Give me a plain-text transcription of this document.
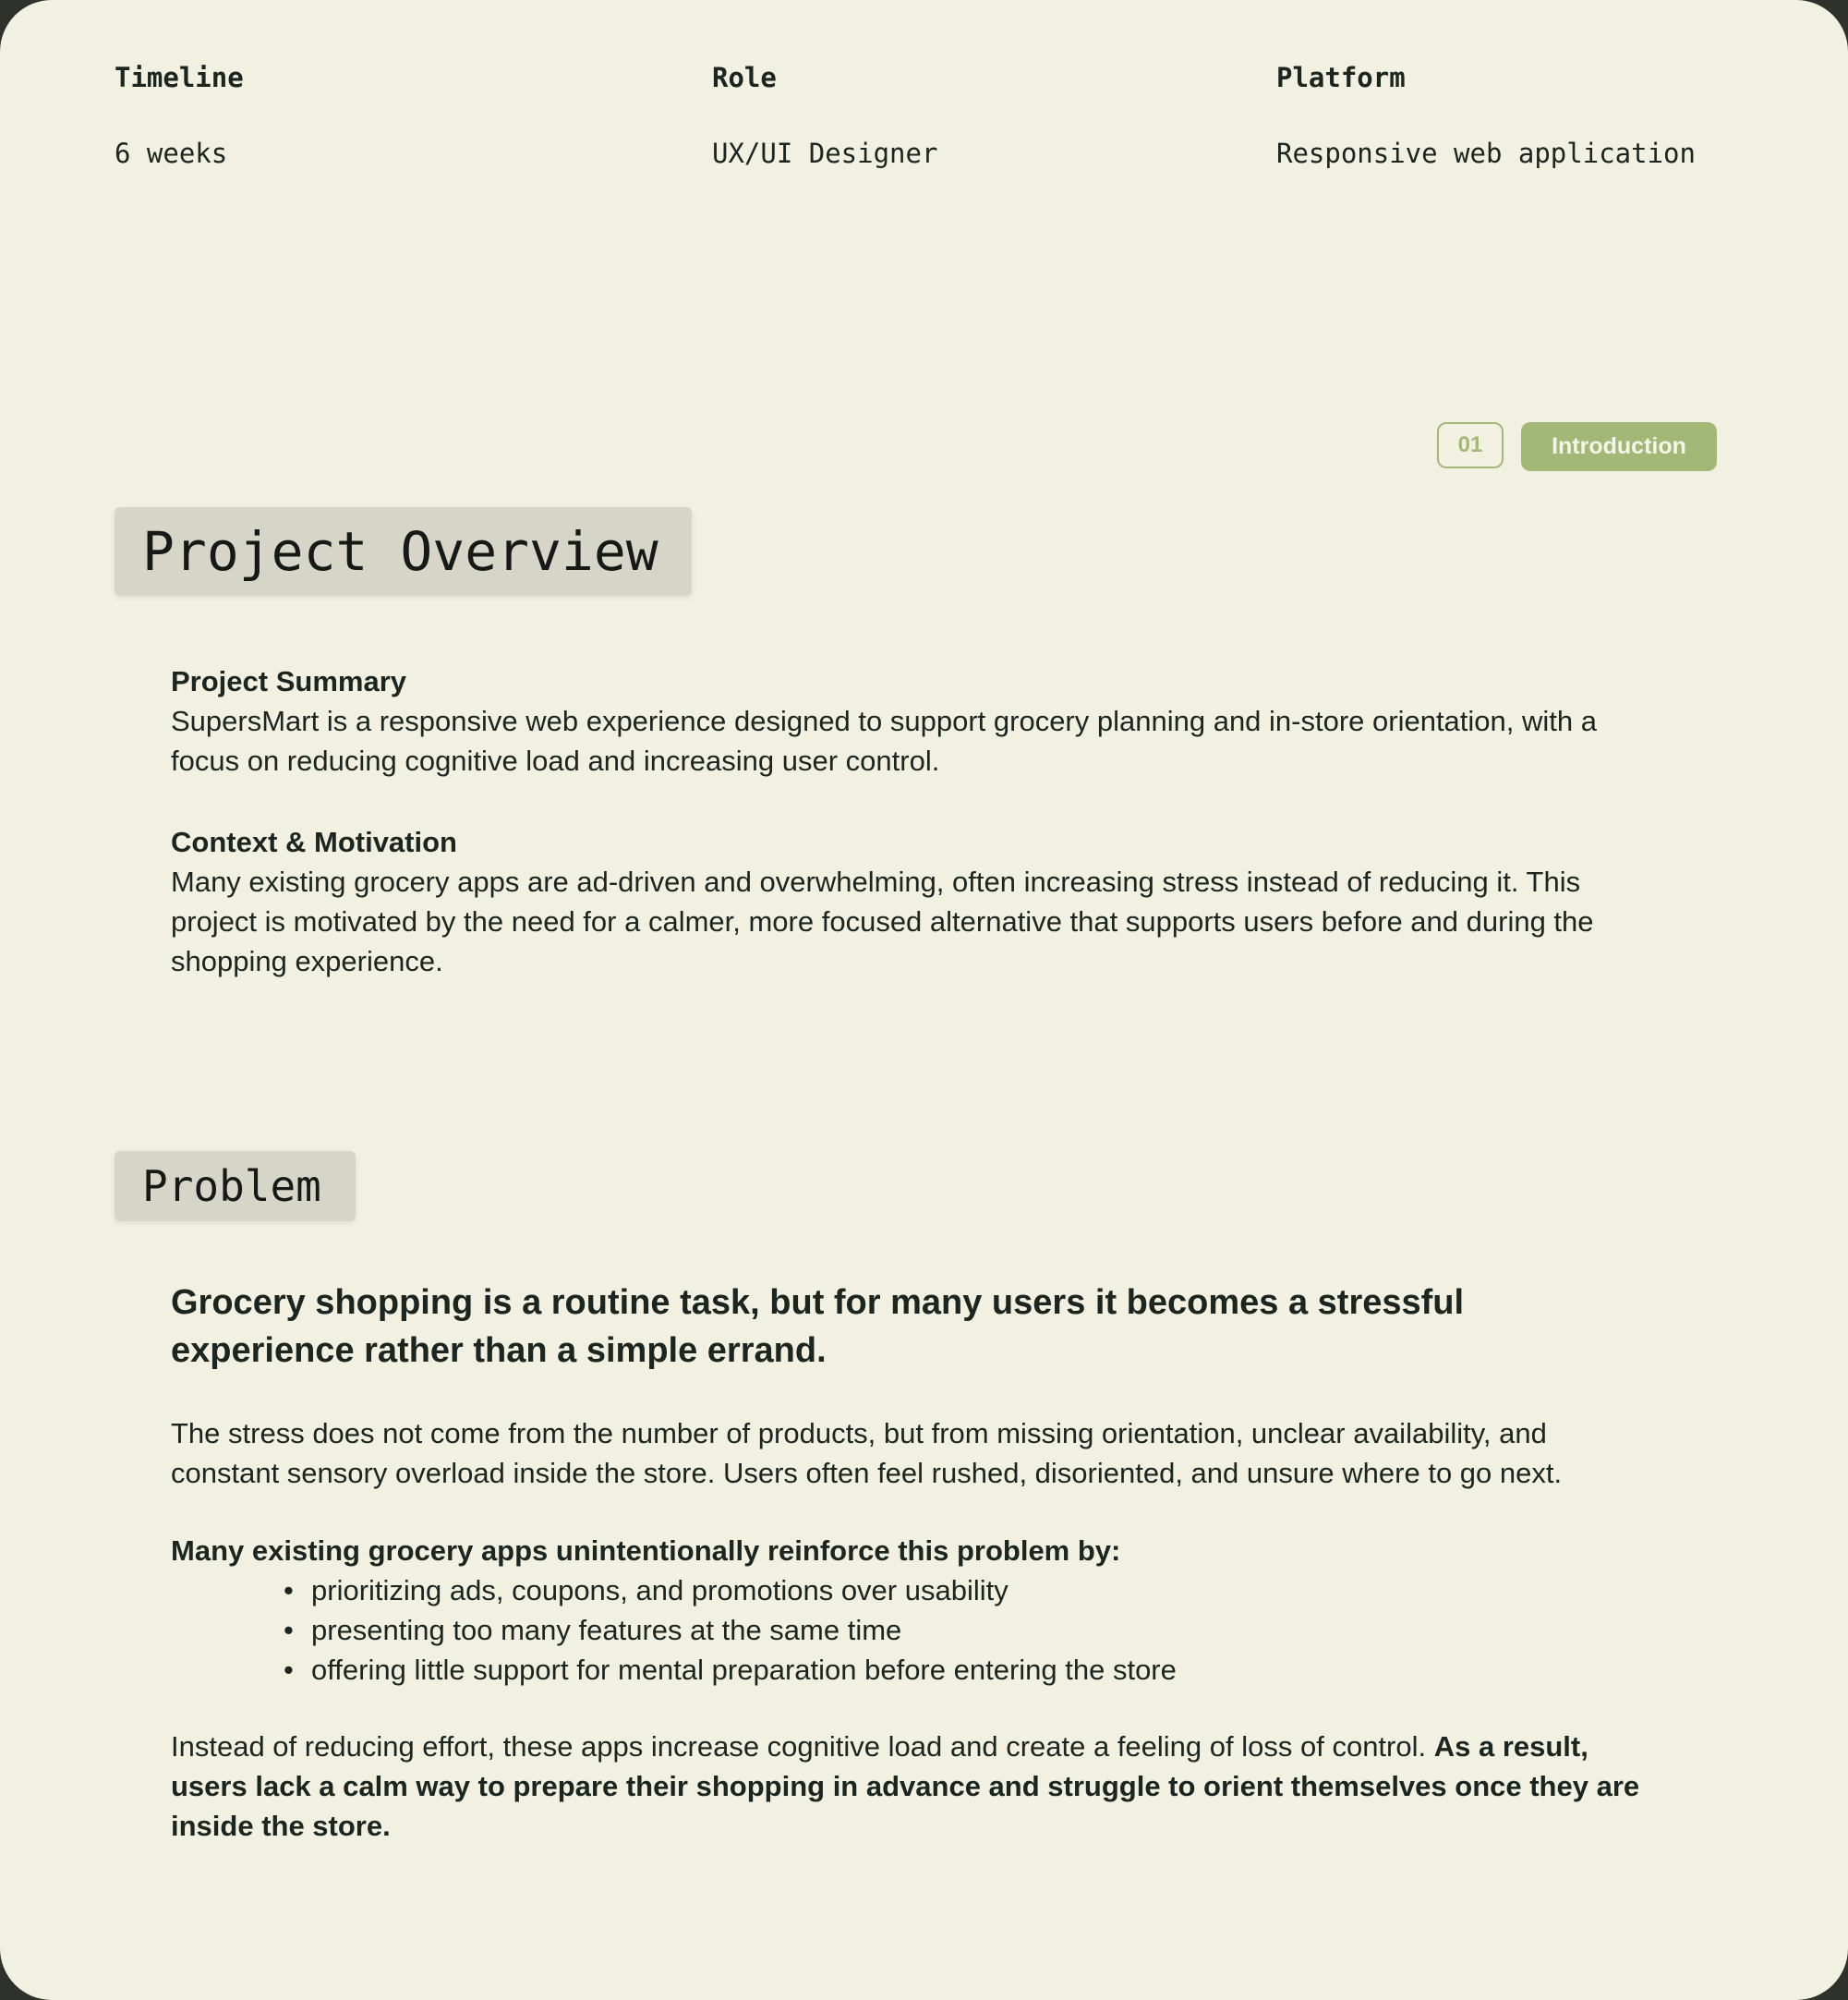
Timeline

6 weeks

Role

UX/UI Designer

Platform

Responsive web application

01	Introduction
Project Overview

Project Summary

SupersMart is a responsive web experience designed to support grocery planning and in-store orientation, with a focus on reducing cognitive load and increasing user control.

Context & Motivation

Many existing grocery apps are ad-driven and overwhelming, often increasing stress instead of reducing it. This project is motivated by the need for a calmer, more focused alternative that supports users before and during the shopping experience.

Problem

Grocery shopping is a routine task, but for many users it becomes a stressful experience rather than a simple errand.

The stress does not come from the number of products, but from missing orientation, unclear availability, and constant sensory overload inside the store. Users often feel rushed, disoriented, and unsure where to go next.

Many existing grocery apps unintentionally reinforce this problem by:

• prioritizing ads, coupons, and promotions over usability
• presenting too many features at the same time
• offering little support for mental preparation before entering the store

Instead of reducing effort, these apps increase cognitive load and create a feeling of loss of control. As a result, users lack a calm way to prepare their shopping in advance and struggle to orient themselves once they are inside the store.
